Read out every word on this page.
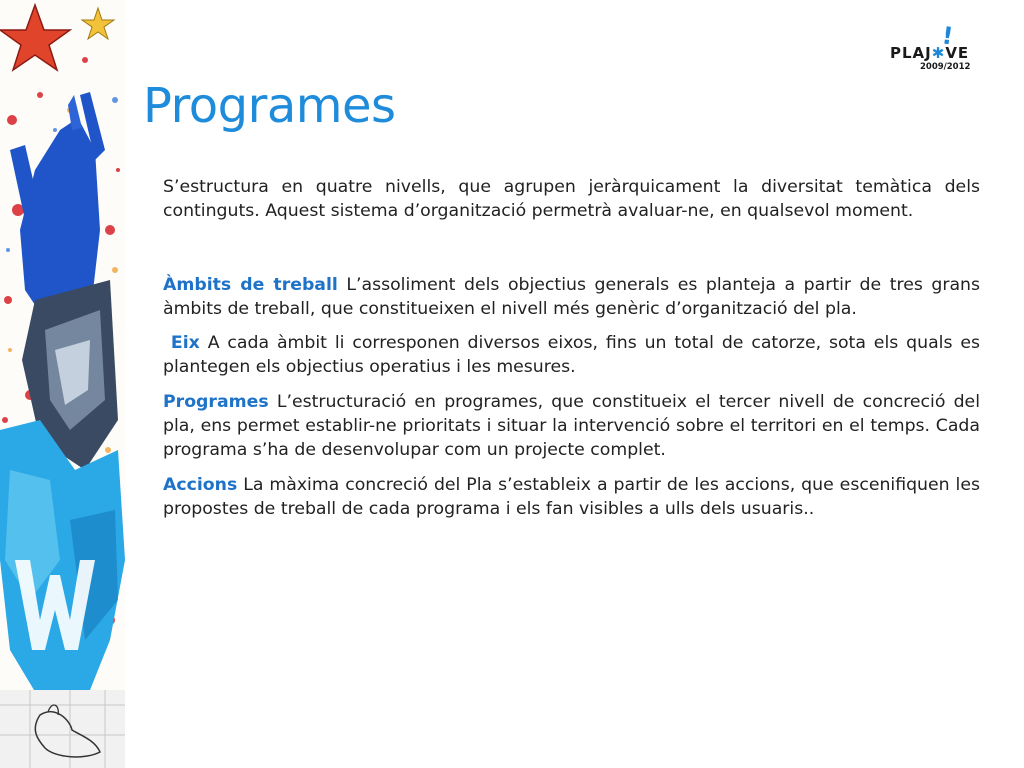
!
PLAJ✱VE
2009/2012
Programes

S’estructura en quatre nivells, que agrupen jeràrquicament la diversitat temàtica dels continguts. Aquest sistema d’organització permetrà avaluar-ne, en qualsevol moment.

Àmbits de treball L’assoliment dels objectius generals es planteja a partir de tres grans àmbits de treball, que constitueixen el nivell més genèric d’organització del pla.

Eix A cada àmbit li corresponen diversos eixos, fins un total de catorze, sota els quals es plantegen els objectius operatius i les mesures.

Programes L’estructuració en programes, que constitueix el tercer nivell de concreció del pla, ens permet establir-ne prioritats i situar la intervenció sobre el territori en el temps. Cada programa s’ha de desenvolupar com un projecte complet.

Accions La màxima concreció del Pla s’estableix a partir de les accions, que escenifiquen les propostes de treball de cada programa i els fan visibles a ulls dels usuaris..
